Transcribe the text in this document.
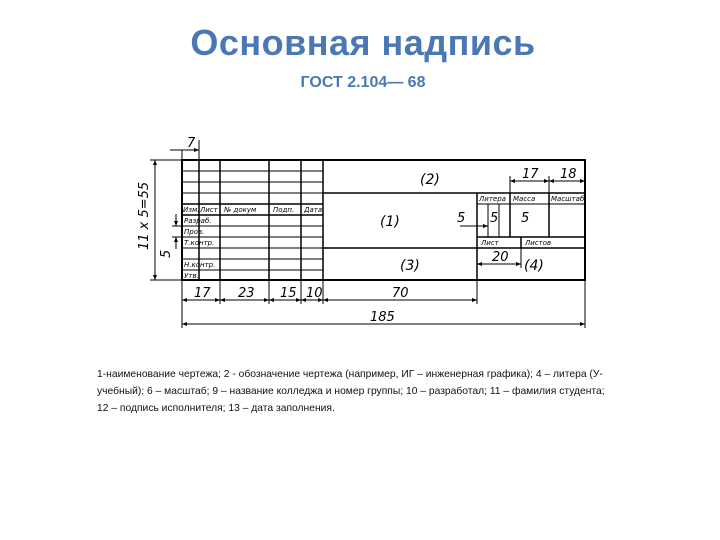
Основная надпись
ГОСТ 2.104— 68
(2)
(1)
(3)	(4)
Изм. Лист № докум Подп. Дата
Разраб.
Пров.
Т.контр.
Н.контр.
Утв.
Литера Масса Масштаб
Лист	Листов
7
17 18
11 x 5=55
5
5 5 5
20
17 23 15 10	70
185
1-наименование чертежа; 2 - обозначение чертежа (например, ИГ – инженерная графика); 4 – литера (У-
учебный); 6 – масштаб; 9 – название колледжа и номер группы; 10 – разработал; 11 – фамилия студента;
12 – подпись исполнителя; 13 – дата заполнения.
